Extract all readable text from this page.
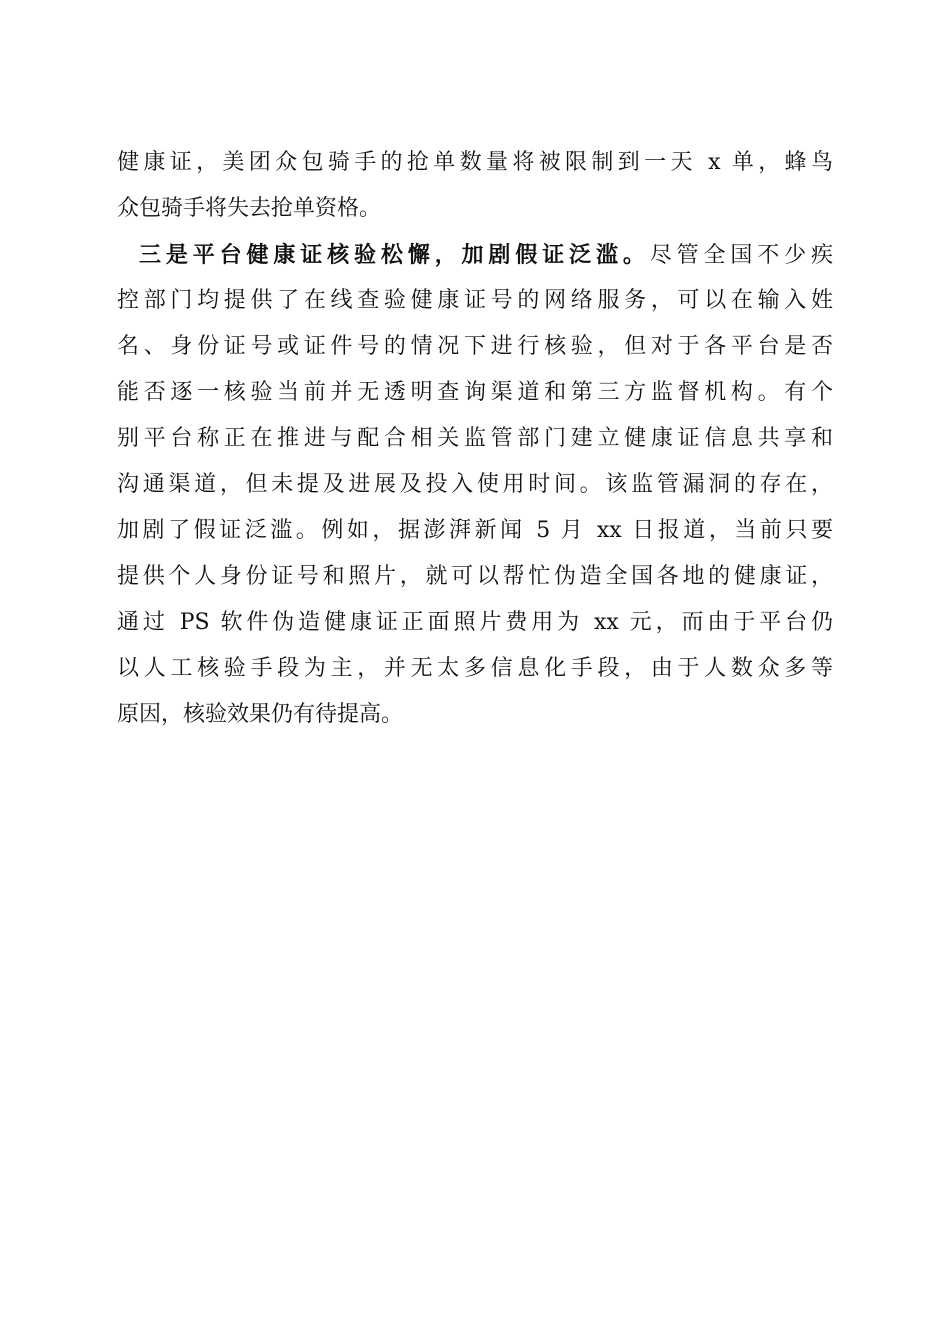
健康证，美团众包骑手的抢单数量将被限制到一天 x 单，蜂鸟
众包骑手将失去抢单资格。
三是平台健康证核验松懈，加剧假证泛滥。尽管全国不少疾
控部门均提供了在线查验健康证号的网络服务，可以在输入姓
名、身份证号或证件号的情况下进行核验，但对于各平台是否
能否逐一核验当前并无透明查询渠道和第三方监督机构。有个
别平台称正在推进与配合相关监管部门建立健康证信息共享和
沟通渠道，但未提及进展及投入使用时间。该监管漏洞的存在，
加剧了假证泛滥。例如，据澎湃新闻 5 月 xx 日报道，当前只要
提供个人身份证号和照片，就可以帮忙伪造全国各地的健康证，
通过 PS 软件伪造健康证正面照片费用为 xx 元，而由于平台仍
以人工核验手段为主，并无太多信息化手段，由于人数众多等
原因，核验效果仍有待提高。
